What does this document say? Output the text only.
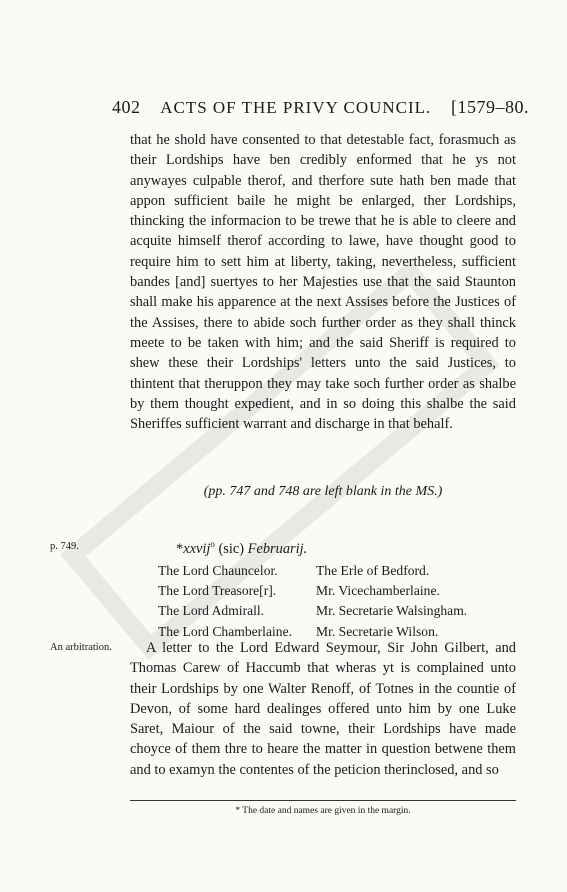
402 ACTS OF THE PRIVY COUNCIL. [1579–80.

that he shold have consented to that detestable fact, forasmuch as their Lordships have ben credibly enformed that he ys not anywayes culpable therof, and therfore sute hath ben made that appon sufficient baile he might be enlarged, ther Lordships, thincking the informacion to be trewe that he is able to cleere and acquite himself therof according to lawe, have thought good to require him to sett him at liberty, taking, nevertheless, sufficient bandes [and] suertyes to her Majesties use that the said Staunton shall make his apparence at the next Assises before the Justices of the Assises, there to abide soch further order as they shall thinck meete to be taken with him; and the said Sheriff is required to shew these their Lordships' letters unto the said Justices, to thintent that theruppon they may take soch further order as shalbe by them thought expedient, and in so doing this shalbe the said Sheriffes sufficient warrant and discharge in that behalf.

(pp. 747 and 748 are left blank in the MS.)
p. 749.	*xxvij$^o$ (sic) Februarij.
The Lord Chauncelor.	The Erle of Bedford.
The Lord Treasore[r].	Mr. Vicechamberlaine.
The Lord Admirall.	Mr. Secretarie Walsingham.
The Lord Chamberlaine.	Mr. Secretarie Wilson.
An arbitration.	A letter to the Lord Edward Seymour, Sir John Gilbert, and Thomas Carew of Haccumb that wheras yt is complained unto their Lordships by one Walter Renoff, of Totnes in the countie of Devon, of some hard dealinges offered unto him by one Luke Saret, Maiour of the said towne, their Lordships have made choyce of them thre to heare the matter in question betwene them and to examyn the contentes of the peticion therinclosed, and so

* The date and names are given in the margin.
